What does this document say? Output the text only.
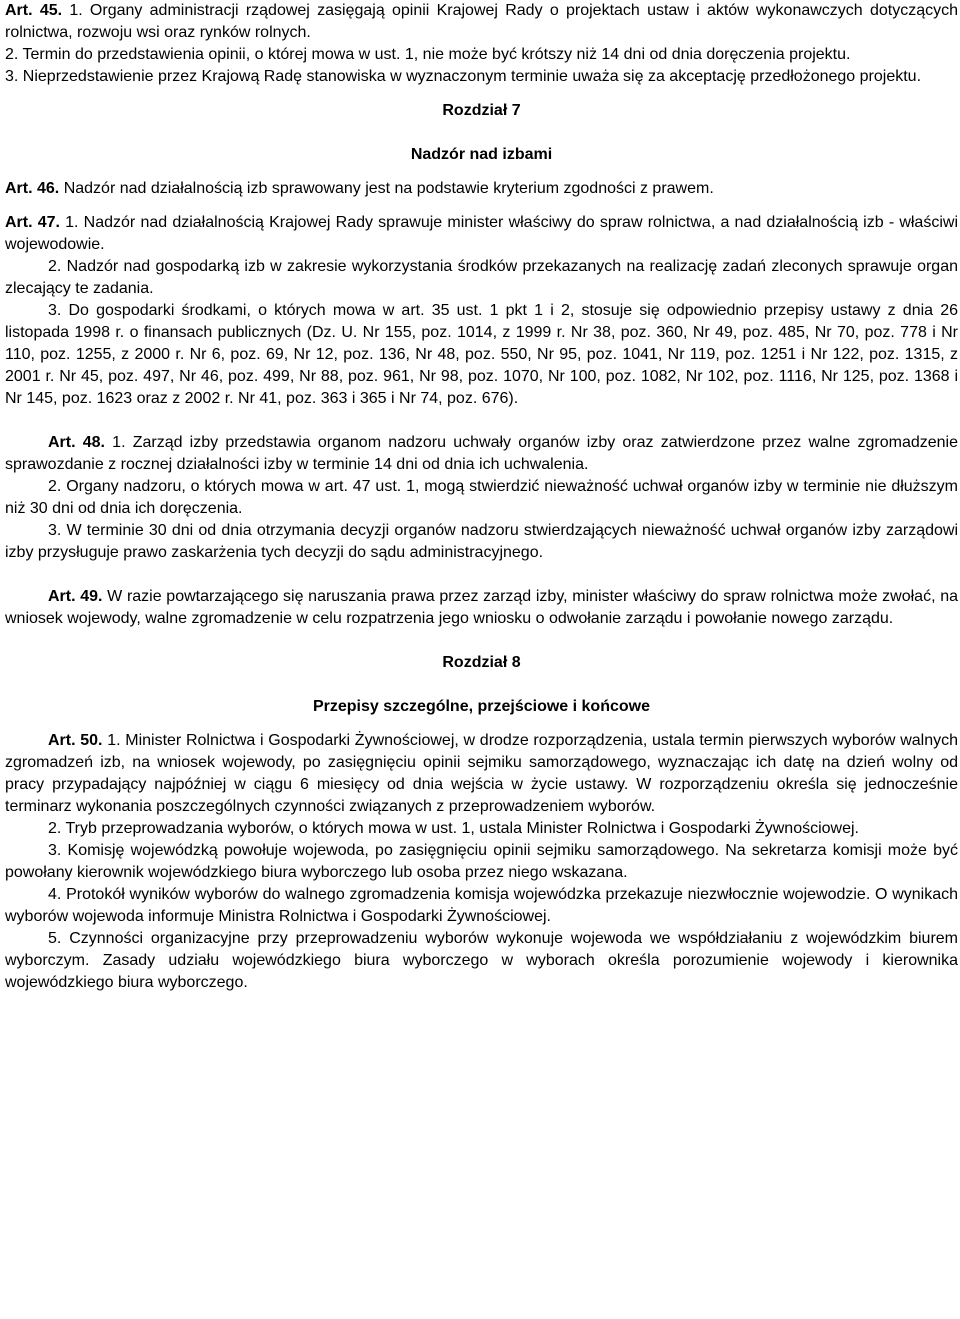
Art. 45. 1. Organy administracji rządowej zasięgają opinii Krajowej Rady o projektach ustaw i aktów wykonawczych dotyczących rolnictwa, rozwoju wsi oraz rynków rolnych.

2. Termin do przedstawienia opinii, o której mowa w ust. 1, nie może być krótszy niż 14 dni od dnia doręczenia projektu.

3. Nieprzedstawienie przez Krajową Radę stanowiska w wyznaczonym terminie uważa się za akceptację przedłożonego projektu.

Rozdział 7

Nadzór nad izbami

Art. 46. Nadzór nad działalnością izb sprawowany jest na podstawie kryterium zgodności z prawem.

Art. 47. 1. Nadzór nad działalnością Krajowej Rady sprawuje minister właściwy do spraw rolnictwa, a nad działalnością izb - właściwi wojewodowie.

2. Nadzór nad gospodarką izb w zakresie wykorzystania środków przekazanych na realizację zadań zleconych sprawuje organ zlecający te zadania.

3. Do gospodarki środkami, o których mowa w art. 35 ust. 1 pkt 1 i 2, stosuje się odpowiednio przepisy ustawy z dnia 26 listopada 1998 r. o finansach publicznych (Dz. U. Nr 155, poz. 1014, z 1999 r. Nr 38, poz. 360, Nr 49, poz. 485, Nr 70, poz. 778 i Nr 110, poz. 1255, z 2000 r. Nr 6, poz. 69, Nr 12, poz. 136, Nr 48, poz. 550, Nr 95, poz. 1041, Nr 119, poz. 1251 i Nr 122, poz. 1315, z 2001 r. Nr 45, poz. 497, Nr 46, poz. 499, Nr 88, poz. 961, Nr 98, poz. 1070, Nr 100, poz. 1082, Nr 102, poz. 1116, Nr 125, poz. 1368 i Nr 145, poz. 1623 oraz z 2002 r. Nr 41, poz. 363 i 365 i Nr 74, poz. 676).

Art. 48. 1. Zarząd izby przedstawia organom nadzoru uchwały organów izby oraz zatwierdzone przez walne zgromadzenie sprawozdanie z rocznej działalności izby w terminie 14 dni od dnia ich uchwalenia.

2. Organy nadzoru, o których mowa w art. 47 ust. 1, mogą stwierdzić nieważność uchwał organów izby w terminie nie dłuższym niż 30 dni od dnia ich doręczenia.

3. W terminie 30 dni od dnia otrzymania decyzji organów nadzoru stwierdzających nieważność uchwał organów izby zarządowi izby przysługuje prawo zaskarżenia tych decyzji do sądu administracyjnego.

Art. 49. W razie powtarzającego się naruszania prawa przez zarząd izby, minister właściwy do spraw rolnictwa może zwołać, na wniosek wojewody, walne zgromadzenie w celu rozpatrzenia jego wniosku o odwołanie zarządu i powołanie nowego zarządu.

Rozdział 8

Przepisy szczególne, przejściowe i końcowe

Art. 50. 1. Minister Rolnictwa i Gospodarki Żywnościowej, w drodze rozporządzenia, ustala termin pierwszych wyborów walnych zgromadzeń izb, na wniosek wojewody, po zasięgnięciu opinii sejmiku samorządowego, wyznaczając ich datę na dzień wolny od pracy przypadający najpóźniej w ciągu 6 miesięcy od dnia wejścia w życie ustawy. W rozporządzeniu określa się jednocześnie terminarz wykonania poszczególnych czynności związanych z przeprowadzeniem wyborów.

2. Tryb przeprowadzania wyborów, o których mowa w ust. 1, ustala Minister Rolnictwa i Gospodarki Żywnościowej.

3. Komisję wojewódzką powołuje wojewoda, po zasięgnięciu opinii sejmiku samorządowego. Na sekretarza komisji może być powołany kierownik wojewódzkiego biura wyborczego lub osoba przez niego wskazana.

4. Protokół wyników wyborów do walnego zgromadzenia komisja wojewódzka przekazuje niezwłocznie wojewodzie. O wynikach wyborów wojewoda informuje Ministra Rolnictwa i Gospodarki Żywnościowej.

5. Czynności organizacyjne przy przeprowadzeniu wyborów wykonuje wojewoda we współdziałaniu z wojewódzkim biurem wyborczym. Zasady udziału wojewódzkiego biura wyborczego w wyborach określa porozumienie wojewody i kierownika wojewódzkiego biura wyborczego.
